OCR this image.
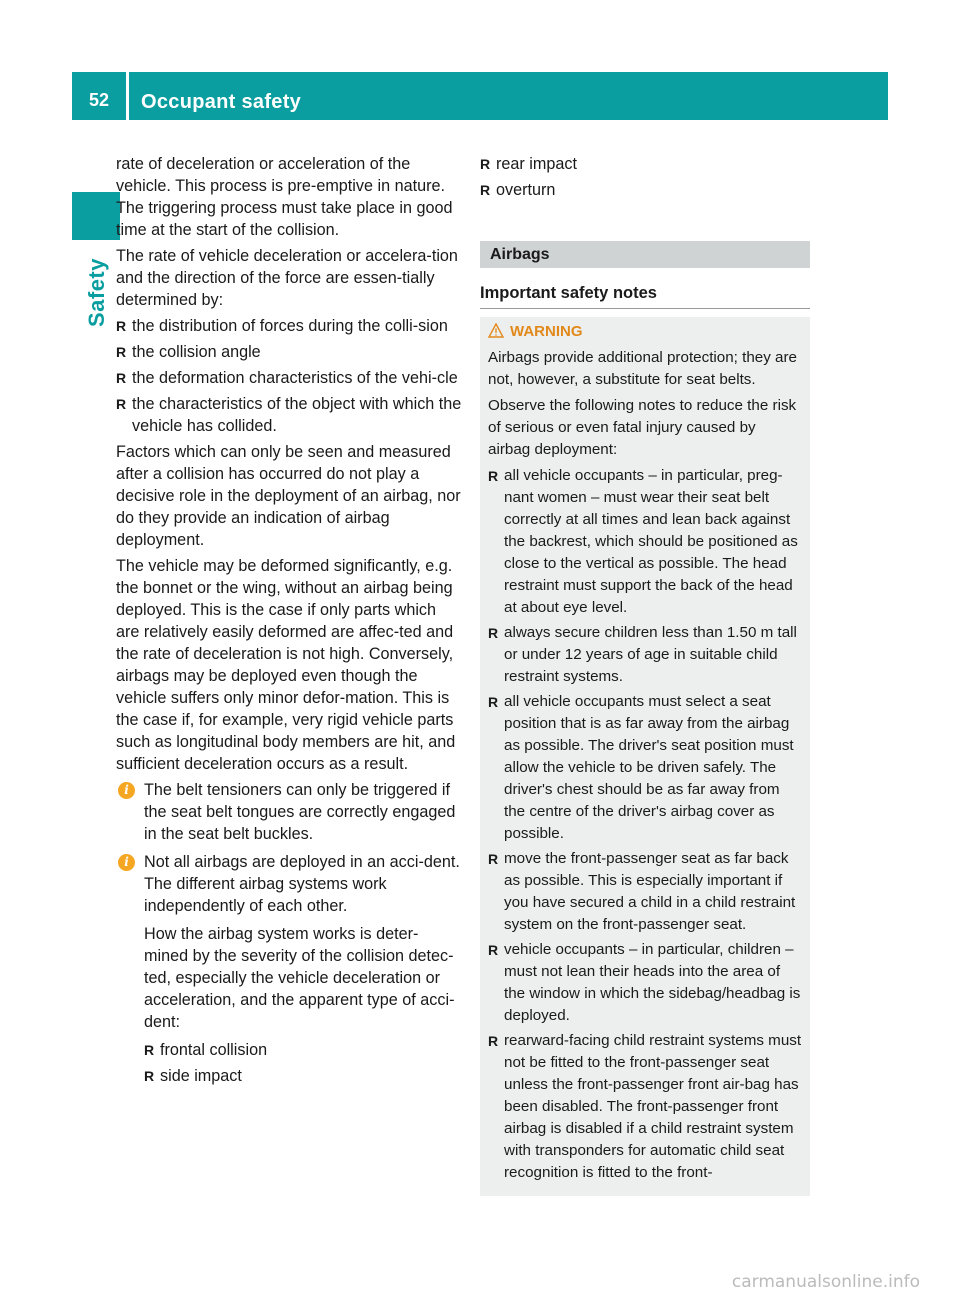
52	Occupant safety
Safety

rate of deceleration or acceleration of the vehicle. This process is pre-emptive in nature. The triggering process must take place in good time at the start of the collision.

The rate of vehicle deceleration or accelera-tion and the direction of the force are essen-tially determined by:

R the distribution of forces during the colli-sion
R the collision angle
R the deformation characteristics of the vehi-cle
R the characteristics of the object with which the vehicle has collided.

Factors which can only be seen and measured after a collision has occurred do not play a decisive role in the deployment of an airbag, nor do they provide an indication of airbag deployment.

The vehicle may be deformed significantly, e.g. the bonnet or the wing, without an airbag being deployed. This is the case if only parts which are relatively easily deformed are affec-ted and the rate of deceleration is not high. Conversely, airbags may be deployed even though the vehicle suffers only minor defor-mation. This is the case if, for example, very rigid vehicle parts such as longitudinal body members are hit, and sufficient deceleration occurs as a result.

i The belt tensioners can only be triggered if the seat belt tongues are correctly engaged in the seat belt buckles.

i Not all airbags are deployed in an acci-dent. The different airbag systems work independently of each other.

How the airbag system works is deter-mined by the severity of the collision detec-ted, especially the vehicle deceleration or acceleration, and the apparent type of acci-dent:

R frontal collision
R side impact
R rear impact
R overturn
Airbags
Important safety notes
WARNING

Airbags provide additional protection; they are not, however, a substitute for seat belts.

Observe the following notes to reduce the risk of serious or even fatal injury caused by airbag deployment:

R all vehicle occupants – in particular, preg-nant women – must wear their seat belt correctly at all times and lean back against the backrest, which should be positioned as close to the vertical as possible. The head restraint must support the back of the head at about eye level.
R always secure children less than 1.50 m tall or under 12 years of age in suitable child restraint systems.
R all vehicle occupants must select a seat position that is as far away from the airbag as possible. The driver's seat position must allow the vehicle to be driven safely. The driver's chest should be as far away from the centre of the driver's airbag cover as possible.
R move the front-passenger seat as far back as possible. This is especially important if you have secured a child in a child restraint system on the front-passenger seat.
R vehicle occupants – in particular, children – must not lean their heads into the area of the window in which the sidebag/headbag is deployed.
R rearward-facing child restraint systems must not be fitted to the front-passenger seat unless the front-passenger front air-bag has been disabled. The front-passenger front airbag is disabled if a child restraint system with transponders for automatic child seat recognition is fitted to the front-
carmanualsonline.info
